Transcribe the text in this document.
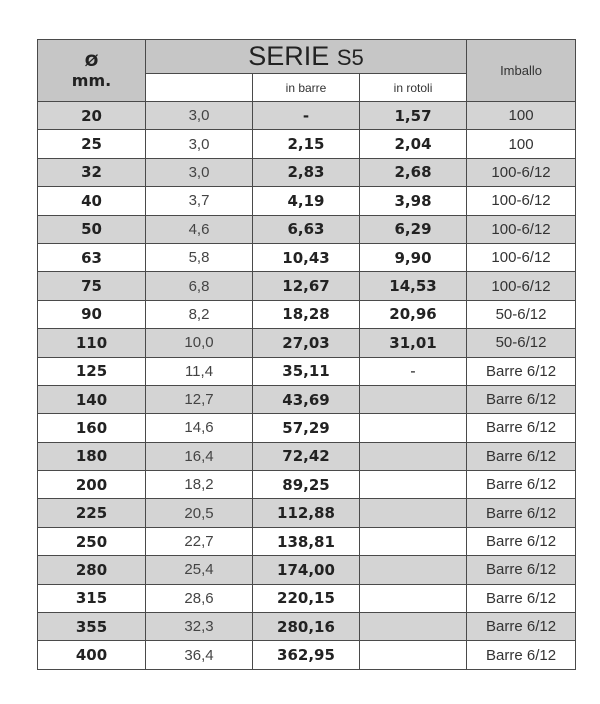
Ø
mm.	SERIE S5			Imballo
		in barre	in rotoli	
20	3,0	-	1,57	100
25	3,0	2,15	2,04	100
32	3,0	2,83	2,68	100-6/12
40	3,7	4,19	3,98	100-6/12
50	4,6	6,63	6,29	100-6/12
63	5,8	10,43	9,90	100-6/12
75	6,8	12,67	14,53	100-6/12
90	8,2	18,28	20,96	50-6/12
110	10,0	27,03	31,01	50-6/12
125	11,4	35,11	-	Barre 6/12
140	12,7	43,69		Barre 6/12
160	14,6	57,29		Barre 6/12
180	16,4	72,42		Barre 6/12
200	18,2	89,25		Barre 6/12
225	20,5	112,88		Barre 6/12
250	22,7	138,81		Barre 6/12
280	25,4	174,00		Barre 6/12
315	28,6	220,15		Barre 6/12
355	32,3	280,16		Barre 6/12
400	36,4	362,95		Barre 6/12
